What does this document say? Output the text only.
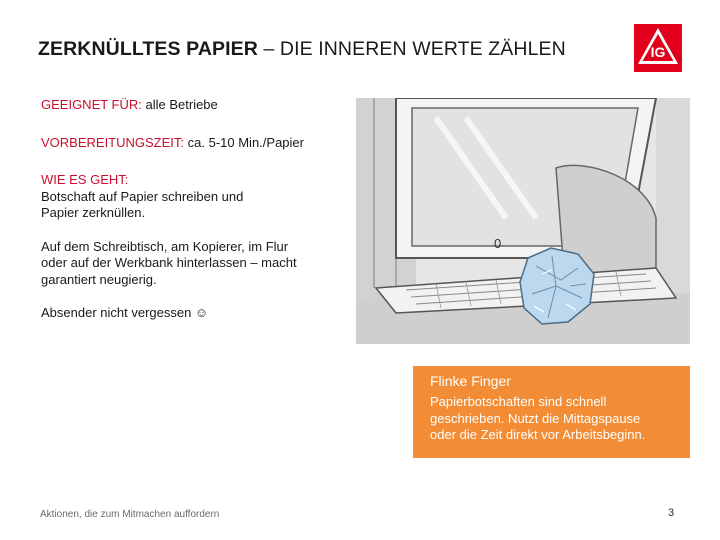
ZERKNÜLLTES PAPIER – DIE INNEREN WERTE ZÄHLEN	IG

GEEIGNET FÜR: alle Betriebe

VORBEREITUNGSZEIT: ca. 5-10 Min./Papier

WIE ES GEHT:
Botschaft auf Papier schreiben und
Papier zerknüllen.

Auf dem Schreibtisch, am Kopierer, im Flur
oder auf der Werkbank hinterlassen – macht
garantiert neugierig.

Absender nicht vergessen ☺

0
Flinke Finger
Papierbotschaften sind schnell
geschrieben. Nutzt die Mittagspause
oder die Zeit direkt vor Arbeitsbeginn.
Aktionen, die zum Mitmachen auffordern	3
